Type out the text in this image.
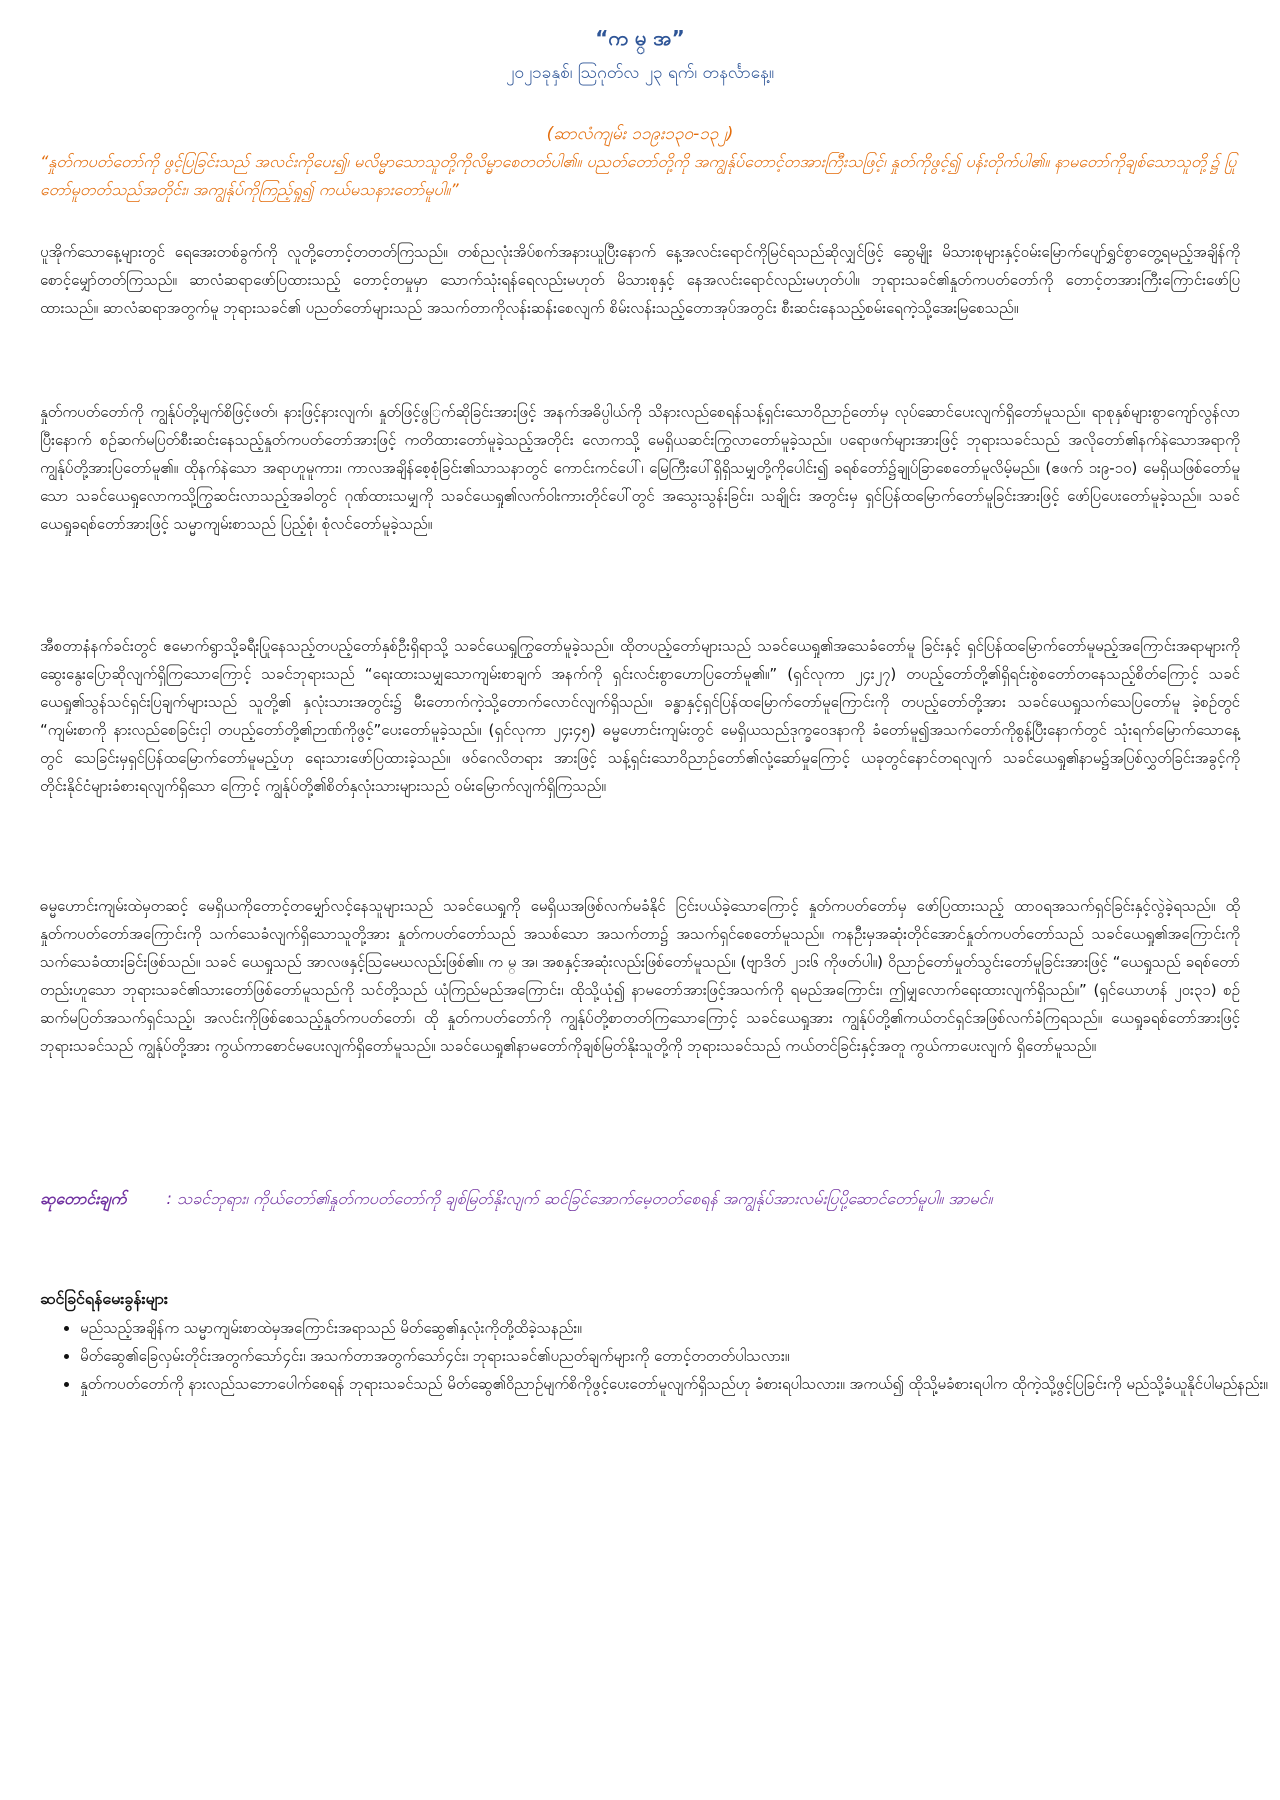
“က မ္ အ”
၂၀၂၁ခုနှစ်၊ ဩဂုတ်လ ၂၃ ရက်၊ တနင်္လာနေ့။
(ဆာလံကျမ်း ၁၁၉း၁၃၀-၁၃၂)
“နှုတ်ကပတ်တော်ကို ဖွင့်ပြခြင်းသည် အလင်းကိုပေး၍၊ မလိမ္မာသောသူတို့ကိုလိမ္မာစေတတ်ပါ၏။ ပညတ်တော်တို့ကို အကျွန်ုပ်တောင့်တအားကြီးသဖြင့်၊ နှုတ်ကိုဖွင့်၍ ပန်းတိုက်ပါ၏။ နာမတော်ကိုချစ်သောသူတို့၌ ပြုတော်မူတတ်သည်အတိုင်း၊ အကျွန်ုပ်ကိုကြည့်ရှု၍ ကယ်မသနားတော်မူပါ။”
ပူအိုက်သောနေ့များတွင် ရေအေးတစ်ခွက်ကို လူတို့တောင့်တတတ်ကြသည်။ တစ်ညလုံးအိပ်စက်အနားယူပြီးနောက် နေ့အလင်းရောင်ကိုမြင်ရသည်ဆိုလျှင်ဖြင့် ဆွေမျိုး မိသားစုများနှင့်ဝမ်းမြောက်ပျော်ရွှင်စွာတွေ့ရမည့်အချိန်ကို စောင့်မျှော်တတ်ကြသည်။ ဆာလံဆရာဖော်ပြထားသည့် တောင့်တမှုမှာ သောက်သုံးရန်ရေလည်းမဟုတ် မိသားစုနှင့် နေအလင်းရောင်လည်းမဟုတ်ပါ။ ဘုရားသခင်၏နှုတ်ကပတ်တော်ကို တောင့်တအားကြီးကြောင်းဖော်ပြထားသည်။ ဆာလံဆရာအတွက်မူ ဘုရားသခင်၏ ပညတ်တော်များသည် အသက်တာကိုလန်းဆန်းစေလျက် စိမ်းလန်းသည့်တောအုပ်အတွင်း စီးဆင်းနေသည့်စမ်းရေကဲ့သို့အေးမြစေသည်။
နှုတ်ကပတ်တော်ကို ကျွန်ုပ်တို့မျက်စိဖြင့်ဖတ်၊ နားဖြင့်နားလျက်၊ နှုတ်ဖြင့်ဖွြက်ဆိုခြင်းအားဖြင့် အနက်အဓိပ္ပါယ်ကို သိနားလည်စေရန်သန့်ရှင်းသောဝိညာဉ်တော်မှ လုပ်ဆောင်ပေးလျက်ရှိတော်မူသည်။ ရာစုနှစ်များစွာကျော်လွန်လာပြီးနောက် စဉ်ဆက်မပြတ်စီးဆင်းနေသည့်နှုတ်ကပတ်တော်အားဖြင့် ကတိထားတော်မူခဲ့သည့်အတိုင်း လောကသို့ မေရှိယဆင်းကြွလာတော်မူခဲ့သည်။ ပရောဖက်များအားဖြင့် ဘုရားသခင်သည် အလိုတော်၏နက်နဲသောအရာကို ကျွန်ုပ်တို့အားပြတော်မူ၏။ ထိုနက်နဲသော အရာဟူမူကား၊ ကာလအချိန်စေ့စုံခြင်း၏သာသနာတွင် ကောင်းကင်ပေါ်၊ မြေကြီးပေါ်ရှိရှိသမျှတို့ကိုပေါင်း၍ ခရစ်တော်၌ချုပ်ခြာစေတော်မူလိမ့်မည်။ (ဧဖက် ၁း၉-၁၀) မေရှိယဖြစ်တော်မူသော သခင်ယေရှုလောကသို့ကြွဆင်းလာသည့်အခါတွင် ဂုဏ်ထားသမျှကို သခင်ယေရှု၏လက်ဝါးကားတိုင်ပေါ်တွင် အသွေးသွန်းခြင်း၊ သချိုင်း အတွင်းမှ ရှင်ပြန်ထမြောက်တော်မူခြင်းအားဖြင့် ဖော်ပြပေးတော်မူခဲ့သည်။ သခင်ယေရှုခရစ်တော်အားဖြင့် သမ္မာကျမ်းစာသည် ပြည့်စုံ၊ စုံလင်တော်မူခဲ့သည်။
အီစတာနံနက်ခင်းတွင် ဧမောက်ရွာသို့ခရီးပြုနေသည့်တပည့်တော်နှစ်ဦးရှိရာသို့ သခင်ယေရှုကြွတော်မူခဲ့သည်။ ထိုတပည့်တော်များသည် သခင်ယေရှု၏အသေခံတော်မူ ခြင်းနှင့် ရှင်ပြန်ထမြောက်တော်မူမည့်အကြောင်းအရာများကို ဆွေးနွေးပြောဆိုလျက်ရှိကြသောကြောင့် သခင်ဘုရားသည် “ရေးထားသမျှသောကျမ်းစာချက် အနက်ကို ရှင်းလင်းစွာဟောပြတော်မူ၏။” (ရှင်လုကာ ၂၄း၂၇) တပည့်တော်တို့၏ရှိရင်းစွဲစတော်တနေသည့်စိတ်ကြောင့် သခင်ယေရှု၏သွန်သင်ရှင်းပြချက်များသည် သူတို့၏ နှလုံးသားအတွင်း၌ မီးတောက်ကဲ့သို့တောက်လောင်လျက်ရှိသည်။ ခန္ဓာနှင့်ရှင်ပြန်ထမြောက်တော်မူကြောင်းကို တပည့်တော်တို့အား သခင်ယေရှုသက်သေပြတော်မူ ခဲ့စဉ်တွင် “ကျမ်းစာကို နားလည်စေခြင်းငှါ တပည့်တော်တို့၏ဉာဏ်ကိုဖွင့်”ပေးတော်မူခဲ့သည်။ (ရှင်လုကာ ၂၄း၄၅) ဓမ္မဟောင်းကျမ်းတွင် မေရှိယသည်ဒုက္ခဝေဒနာကို ခံတော်မူ၍အသက်တော်ကိုစွန့်ပြီးနောက်တွင် သုံးရက်မြောက်သောနေ့တွင် သေခြင်းမှရှင်ပြန်ထမြောက်တော်မူမည့်ဟု ရေးသားဖော်ပြထားခဲ့သည်။ ဖဝ်ဂေလိတရား အားဖြင့် သန့်ရှင်းသောဝိညာဉ်တော်၏လုံ့ဆော်မှုကြောင့် ယခုတွင်နောင်တရလျက် သခင်ယေရှု၏နာမ၌အပြစ်လွှတ်ခြင်းအခွင့်ကို တိုင်းနိုင်ငံများခံစားရလျက်ရှိသော ကြောင့် ကျွန်ုပ်တို့၏စိတ်နှလုံးသားများသည် ဝမ်းမြောက်လျက်ရှိကြသည်။
ဓမ္မဟောင်းကျမ်းထဲမှတဆင့် မေရှိယကိုတောင့်တမျှော်လင့်နေသူများသည် သခင်ယေရှုကို မေရှိယအဖြစ်လက်မခံနိုင် ငြင်းပယ်ခဲ့သောကြောင့် နှုတ်ကပတ်တော်မှ ဖော်ပြထားသည့် ထာဝရအသက်ရှင်ခြင်းနှင့်လွဲခဲ့ရသည်။ ထိုနှုတ်ကပတ်တော်အကြောင်းကို သက်သေခံလျက်ရှိသောသူတို့အား နှုတ်ကပတ်တော်သည် အသစ်သော အသက်တာ၌ အသက်ရှင်စေတော်မူသည်။ ကနဦးမှအဆုံးတိုင်အောင်နှုတ်ကပတ်တော်သည် သခင်ယေရှု၏အကြောင်းကို သက်သေခံထားခြင်းဖြစ်သည်။ သခင် ယေရှုသည် အာလဖနှင့်ဩမေဃလည်းဖြစ်၏။ က မ္ အ၊ အစနှင့်အဆုံးလည်းဖြစ်တော်မူသည်။ (ဗျာဒိတ် ၂၁း၆ ကိုဖတ်ပါ။) ဝိညာဉ်တော်မှုတ်သွင်းတော်မူခြင်းအားဖြင့် “ယေရှုသည် ခရစ်တော်တည်းဟူသော ဘုရားသခင်၏သားတော်ဖြစ်တော်မူသည်ကို သင်တို့သည် ယုံကြည်မည်အကြောင်း၊ ထိုသို့ယုံ၍ နာမတော်အားဖြင့်အသက်ကို ရမည်အကြောင်း၊ ဤမျှလောက်ရေးထားလျက်ရှိသည်။” (ရှင်ယောဟန် ၂၀း၃၁) စဉ်ဆက်မပြတ်အသက်ရှင်သည့်၊ အလင်းကိုဖြစ်စေသည့်နှုတ်ကပတ်တော်၊ ထို နှုတ်ကပတ်တော်ကို ကျွန်ုပ်တို့စာတတ်ကြသောကြောင့် သခင်ယေရှုအား ကျွန်ုပ်တို့၏ကယ်တင်ရှင်အဖြစ်လက်ခံကြရသည်။ ယေရှုခရစ်တော်အားဖြင့် ဘုရားသခင်သည် ကျွန်ုပ်တို့အား ကွယ်ကာစောင်မပေးလျက်ရှိတော်မူသည်။ သခင်ယေရှု၏နာမတော်ကိုချစ်မြတ်နိုးသူတို့ကို ဘုရားသခင်သည် ကယ်တင်ခြင်းနှင့်အတူ ကွယ်ကာပေးလျက် ရှိတော်မူသည်။
ဆုတောင်းချက်	: သခင်ဘုရား၊ ကိုယ်တော်၏နှုတ်ကပတ်တော်ကို ချစ်မြတ်နိုးလျက် ဆင်ခြင်အောက်မေ့တတ်စေရန် အကျွန်ုပ်အားလမ်းပြပို့ဆောင်တော်မူပါ။ အာမင်။
ဆင်ခြင်ရန်မေးခွန်းများ
• မည်သည့်အချိန်က သမ္မာကျမ်းစာထဲမှအကြောင်းအရာသည် မိတ်ဆွေ၏နှလုံးကိုတို့ထိခဲ့သနည်း။
• မိတ်ဆွေ၏ခြေလှမ်းတိုင်းအတွက်သော်၄င်း၊ အသက်တာအတွက်သော်၄င်း၊ ဘုရားသခင်၏ပညတ်ချက်များကို တောင့်တတတ်ပါသလား။
• နှုတ်ကပတ်တော်ကို နားလည်သဘောပေါက်စေရန် ဘုရားသခင်သည် မိတ်ဆွေ၏ဝိညာဉ်မျက်စိကိုဖွင့်ပေးတော်မူလျက်ရှိသည်ဟု ခံစားရပါသလား။ အကယ်၍ ထိုသို့မခံစားရပါက ထိုကဲ့သို့ဖွင့်ပြခြင်းကို မည်သို့ခံယူနိုင်ပါမည်နည်း။
